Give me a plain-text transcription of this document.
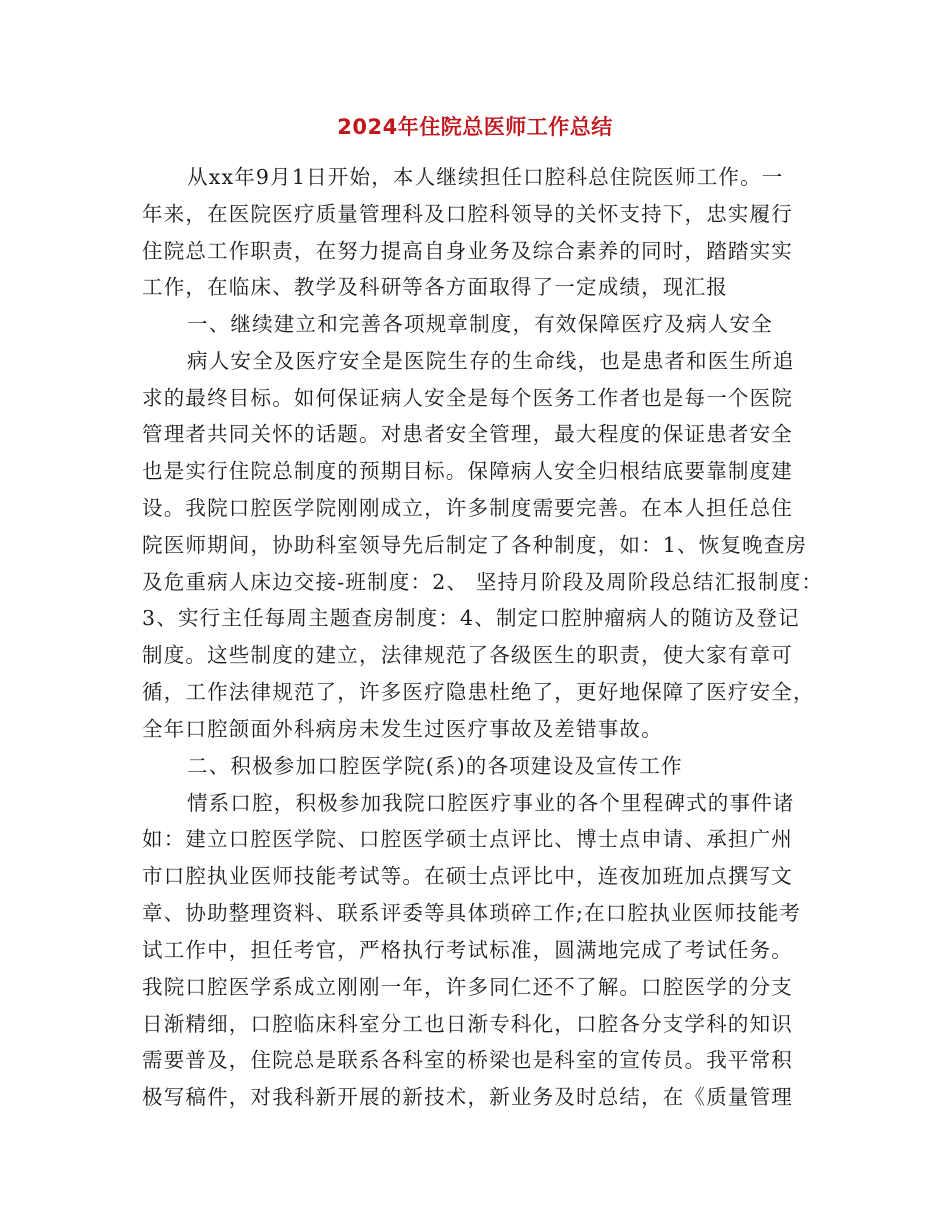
2024年住院总医师工作总结
从xx年9月1日开始，本人继续担任口腔科总住院医师工作。一
年来，在医院医疗质量管理科及口腔科领导的关怀支持下，忠实履行
住院总工作职责，在努力提高自身业务及综合素养的同时，踏踏实实
工作，在临床、教学及科研等各方面取得了一定成绩，现汇报
一、继续建立和完善各项规章制度，有效保障医疗及病人安全
病人安全及医疗安全是医院生存的生命线，也是患者和医生所追
求的最终目标。如何保证病人安全是每个医务工作者也是每一个医院
管理者共同关怀的话题。对患者安全管理，最大程度的保证患者安全
也是实行住院总制度的预期目标。保障病人安全归根结底要靠制度建
设。我院口腔医学院刚刚成立，许多制度需要完善。在本人担任总住
院医师期间，协助科室领导先后制定了各种制度，如：1、恢复晚查房
及危重病人床边交接-班制度：2、 坚持月阶段及周阶段总结汇报制度：
3、实行主任每周主题查房制度：4、制定口腔肿瘤病人的随访及登记
制度。这些制度的建立，法律规范了各级医生的职责，使大家有章可
循，工作法律规范了，许多医疗隐患杜绝了，更好地保障了医疗安全，
全年口腔颌面外科病房未发生过医疗事故及差错事故。
二、积极参加口腔医学院(系)的各项建设及宣传工作
情系口腔，积极参加我院口腔医疗事业的各个里程碑式的事件诸
如：建立口腔医学院、口腔医学硕士点评比、博士点申请、承担广州
市口腔执业医师技能考试等。在硕士点评比中，连夜加班加点撰写文
章、协助整理资料、联系评委等具体琐碎工作;在口腔执业医师技能考
试工作中，担任考官，严格执行考试标准，圆满地完成了考试任务。
我院口腔医学系成立刚刚一年，许多同仁还不了解。口腔医学的分支
日渐精细，口腔临床科室分工也日渐专科化，口腔各分支学科的知识
需要普及，住院总是联系各科室的桥梁也是科室的宣传员。我平常积
极写稿件，对我科新开展的新技术，新业务及时总结，在《质量管理
